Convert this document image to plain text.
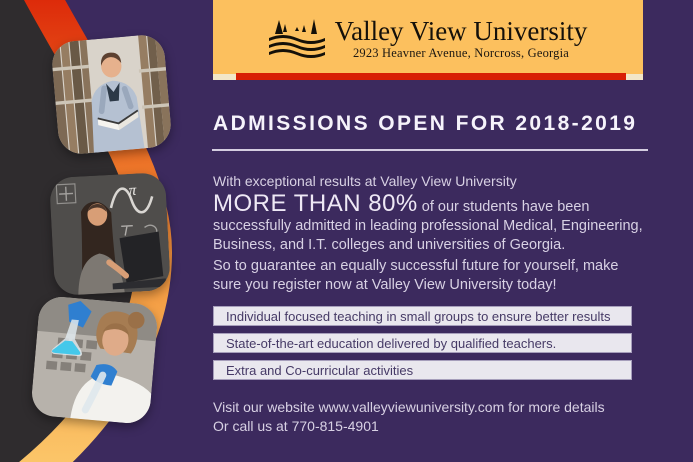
π
Valley View University
2923 Heavner Avenue, Norcross, Georgia
ADMISSIONS OPEN FOR 2018-2019

With exceptional results at Valley View University

MORE THAN 80% of our students have been successfully admitted in leading professional Medical, Engineering, Business, and I.T. colleges and universities of Georgia.

So to guarantee an equally successful future for yourself, make sure you register now at Valley View University today!

Individual focused teaching in small groups to ensure better results
State-of-the-art education delivered by qualified teachers.
Extra and Co-curricular activities
Visit our website www.valleyviewuniversity.com for more details
Or call us at 770-815-4901
